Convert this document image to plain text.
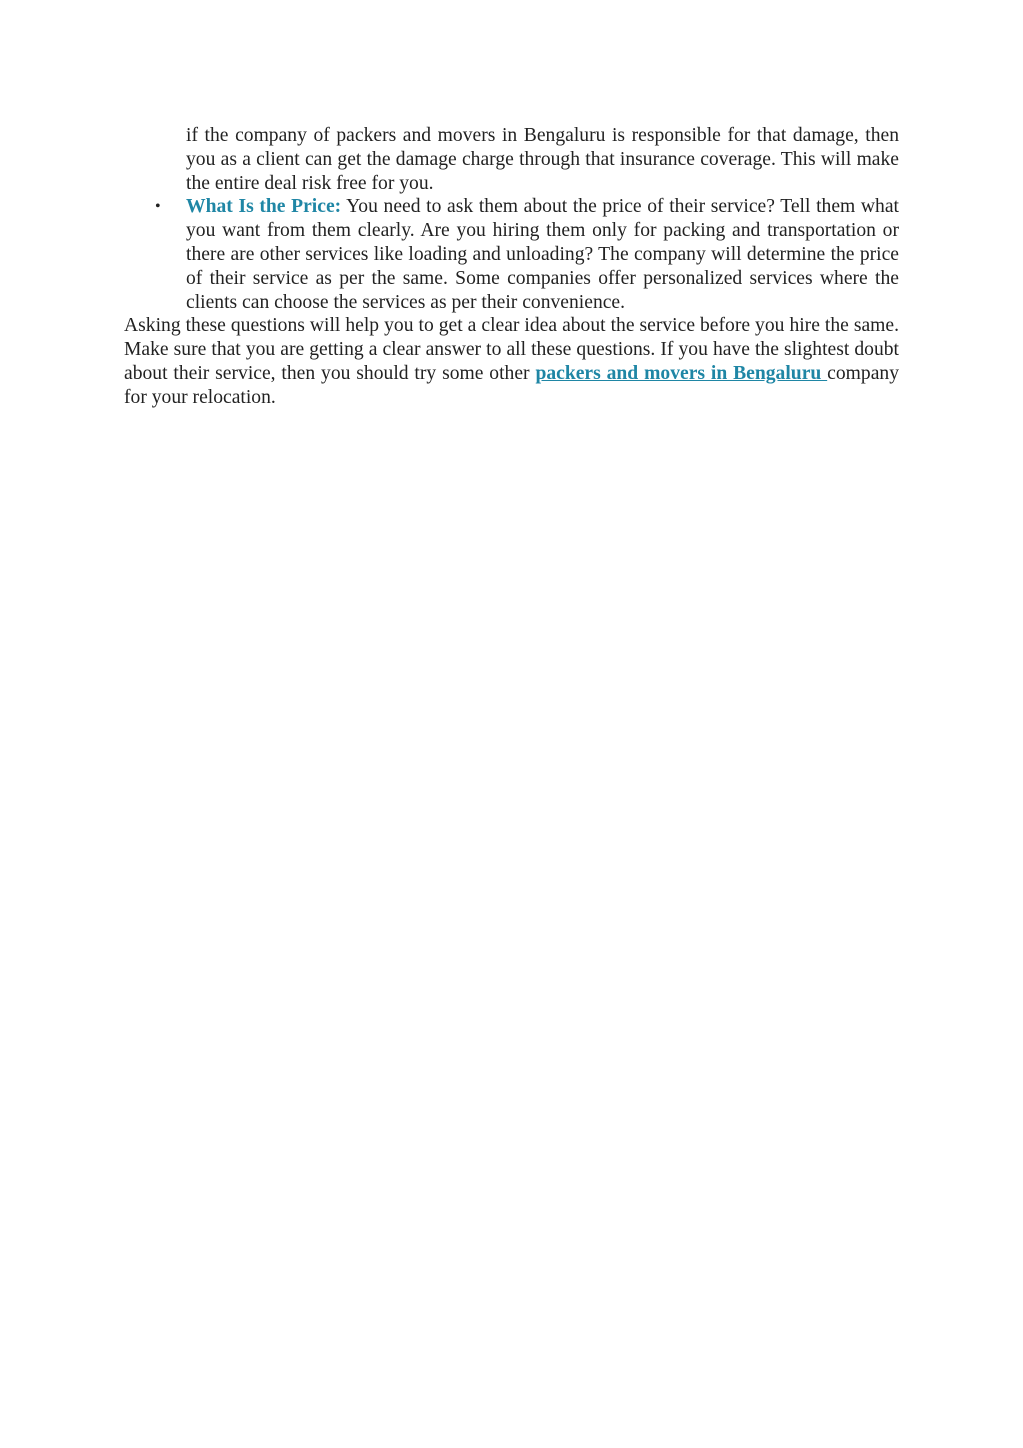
if the company of packers and movers in Bengaluru is responsible for that damage, then you as a client can get the damage charge through that insurance coverage. This will make the entire deal risk free for you.
• What Is the Price: You need to ask them about the price of their service? Tell them what you want from them clearly. Are you hiring them only for packing and transportation or there are other services like loading and unloading? The company will determine the price of their service as per the same. Some companies offer personalized services where the clients can choose the services as per their convenience.

Asking these questions will help you to get a clear idea about the service before you hire the same. Make sure that you are getting a clear answer to all these questions. If you have the slightest doubt about their service, then you should try some other packers and movers in Bengaluru company for your relocation.
